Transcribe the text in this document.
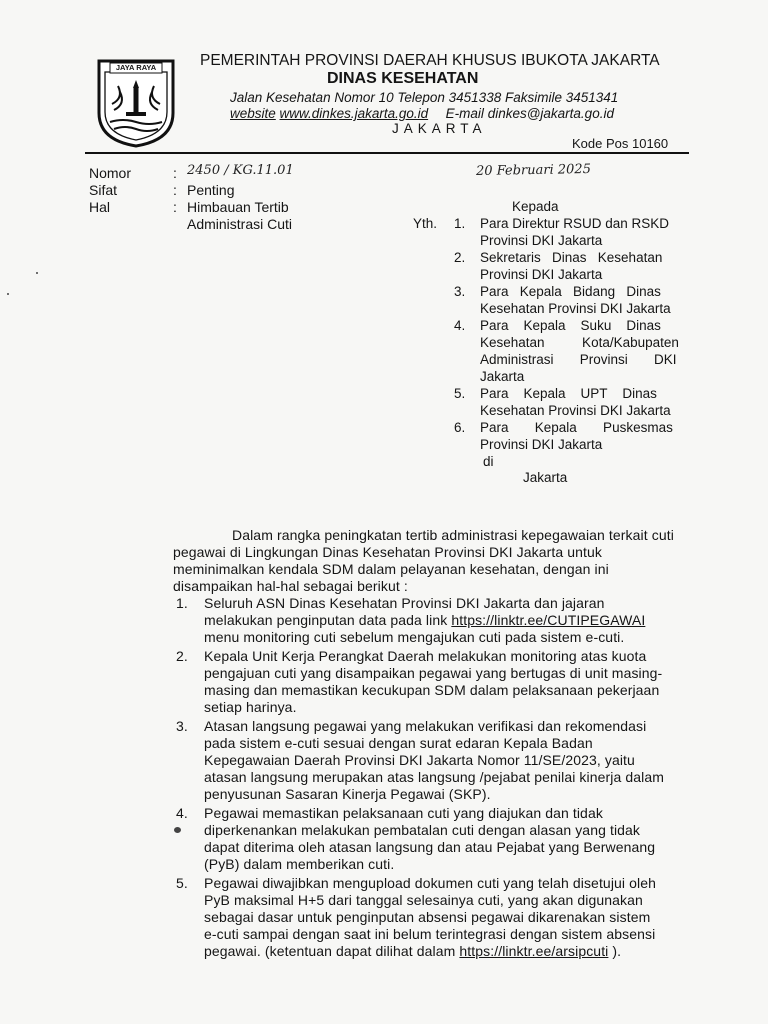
JAYA RAYA	PEMERINTAH PROVINSI DAERAH KHUSUS IBUKOTA JAKARTA
DINAS KESEHATAN
Jalan Kesehatan Nomor 10 Telepon 3451338 Faksimile 3451341
website www.dinkes.jakarta.go.id E-mail dinkes@jakarta.go.id
JAKARTA
Kode Pos 10160
Nomor	: 2450 / KG.11.01
Sifat	: Penting
Hal	: Himbauan Tertib
Administrasi Cuti
20 Februari 2025
Kepada
Yth. 1. Para Direktur RSUD dan RSKD
Provinsi DKI Jakarta
2. Sekretaris   Dinas   Kesehatan
Provinsi DKI Jakarta
3. Para   Kepala   Bidang   Dinas
Kesehatan Provinsi DKI Jakarta
4. Para    Kepala    Suku    Dinas
Kesehatan          Kota/Kabupaten
Administrasi       Provinsi       DKI
Jakarta
5. Para    Kepala    UPT    Dinas
Kesehatan Provinsi DKI Jakarta
6. Para       Kepala       Puskesmas
Provinsi DKI Jakarta
di
Jakarta
Dalam rangka peningkatan tertib administrasi kepegawaian terkait cuti
pegawai di Lingkungan Dinas Kesehatan Provinsi DKI Jakarta untuk
meminimalkan kendala SDM dalam pelayanan kesehatan, dengan ini
disampaikan hal-hal sebagai berikut :
1. Seluruh ASN Dinas Kesehatan Provinsi DKI Jakarta dan jajaran
melakukan penginputan data pada link https://linktr.ee/CUTIPEGAWAI
menu monitoring cuti sebelum mengajukan cuti pada sistem e-cuti.
2. Kepala Unit Kerja Perangkat Daerah melakukan monitoring atas kuota
pengajuan cuti yang disampaikan pegawai yang bertugas di unit masing-
masing dan memastikan kecukupan SDM dalam pelaksanaan pekerjaan
setiap harinya.
3. Atasan langsung pegawai yang melakukan verifikasi dan rekomendasi
pada sistem e-cuti sesuai dengan surat edaran Kepala Badan
Kepegawaian Daerah Provinsi DKI Jakarta Nomor 11/SE/2023, yaitu
atasan langsung merupakan atas langsung /pejabat penilai kinerja dalam
penyusunan Sasaran Kinerja Pegawai (SKP).
4. Pegawai memastikan pelaksanaan cuti yang diajukan dan tidak
diperkenankan melakukan pembatalan cuti dengan alasan yang tidak
dapat diterima oleh atasan langsung dan atau Pejabat yang Berwenang
(PyB) dalam memberikan cuti.
5. Pegawai diwajibkan mengupload dokumen cuti yang telah disetujui oleh
PyB maksimal H+5 dari tanggal selesainya cuti, yang akan digunakan
sebagai dasar untuk penginputan absensi pegawai dikarenakan sistem
e-cuti sampai dengan saat ini belum terintegrasi dengan sistem absensi
pegawai. (ketentuan dapat dilihat dalam https://linktr.ee/arsipcuti ).
